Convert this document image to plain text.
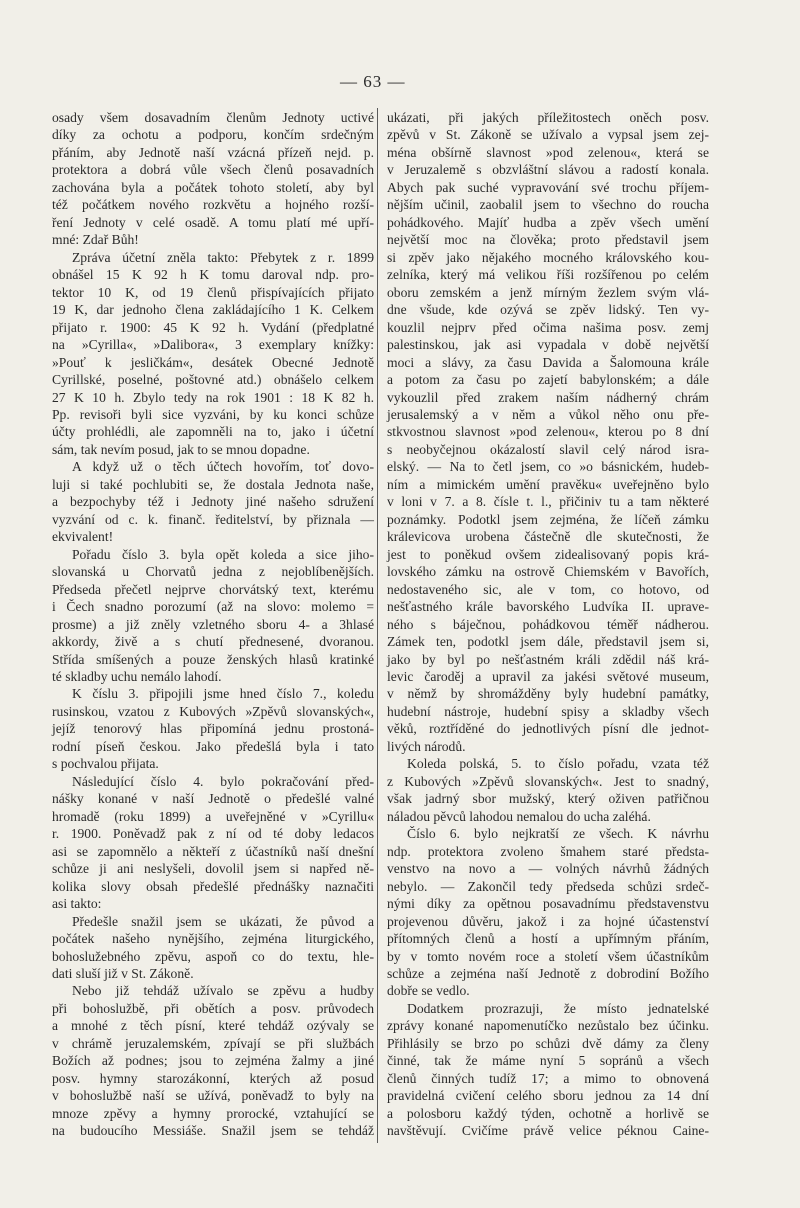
— 63 —
osady všem dosavadním členům Jednoty uctivé
díky za ochotu a podporu, končím srdečným
přáním, aby Jednotě naší vzácná přízeň nejd. p.
protektora a dobrá vůle všech členů posavadních
zachována byla a počátek tohoto století, aby byl
též počátkem nového rozkvětu a hojného rozší-
ření Jednoty v celé osadě. A tomu platí mé upří-
mné: Zdař Bůh!
Zpráva účetní zněla takto: Přebytek z r. 1899
obnášel 15 K 92 h K tomu daroval ndp. pro-
tektor 10 K, od 19 členů přispívajících přijato
19 K, dar jednoho člena zakládajícího 1 K. Celkem
přijato r. 1900: 45 K 92 h. Vydání (předplatné
na »Cyrilla«, »Dalibora«, 3 exemplary knížky:
»Pouť k jesličkám«, desátek Obecné Jednotě
Cyrillské, poselné, poštovné atd.) obnášelo celkem
27 K 10 h. Zbylo tedy na rok 1901 : 18 K 82 h.
Pp. revisoři byli sice vyzváni, by ku konci schůze
účty prohlédli, ale zapomněli na to, jako i účetní
sám, tak nevím posud, jak to se mnou dopadne.
A když už o těch účtech hovořím, toť dovo-
luji si také pochlubiti se, že dostala Jednota naše,
a bezpochyby též i Jednoty jiné našeho sdružení
vyzvání od c. k. finanč. ředitelství, by přiznala —
ekvivalent!
Pořadu číslo 3. byla opět koleda a sice jiho-
slovanská u Chorvatů jedna z nejoblíbenějších.
Předseda přečetl nejprve chorvátský text, kterému
i Čech snadno porozumí (až na slovo: molemo =
prosme) a již zněly vzletného sboru 4- a 3hlasé
akkordy, živě a s chutí přednesené, dvoranou.
Střída smíšených a pouze ženských hlasů kratinké
té skladby uchu nemálo lahodí.
K číslu 3. připojili jsme hned číslo 7., koledu
rusinskou, vzatou z Kubových »Zpěvů slovanských«,
jejíž tenorový hlas připomíná jednu prostoná-
rodní píseň českou. Jako předešlá byla i tato
s pochvalou přijata.
Následující číslo 4. bylo pokračování před-
nášky konané v naší Jednotě o předešlé valné
hromadě (roku 1899) a uveřejněné v »Cyrillu«
r. 1900. Poněvadž pak z ní od té doby ledacos
asi se zapomnělo a někteří z účastníků naší dnešní
schůze ji ani neslyšeli, dovolil jsem si napřed ně-
kolika slovy obsah předešlé přednášky naznačiti
asi takto:
Předešle snažil jsem se ukázati, že původ a
počátek našeho nynějšího, zejména liturgického,
bohoslužebného zpěvu, aspoň co do textu, hle-
dati sluší již v St. Zákoně.
Nebo již tehdáž užívalo se zpěvu a hudby
při bohoslužbě, při obětích a posv. průvodech
a mnohé z těch písní, které tehdáž ozývaly se
v chrámě jeruzalemském, zpívají se při službách
Božích až podnes; jsou to zejména žalmy a jiné
posv. hymny starozákonní, kterých až posud
v bohoslužbě naší se užívá, poněvadž to byly na
mnoze zpěvy a hymny prorocké, vztahující se
na budoucího Messiáše. Snažil jsem se tehdáž
ukázati, při jakých příležitostech oněch posv.
zpěvů v St. Zákoně se užívalo a vypsal jsem zej-
ména obšírně slavnost »pod zelenou«, která se
v Jeruzalemě s obzvláštní slávou a radostí konala.
Abych pak suché vypravování své trochu příjem-
nějším učinil, zaobalil jsem to všechno do roucha
pohádkového. Majíť hudba a zpěv všech umění
největší moc na člověka; proto představil jsem
si zpěv jako nějakého mocného královského kou-
zelníka, který má velikou říši rozšířenou po celém
oboru zemském a jenž mírným žezlem svým vlá-
dne všude, kde ozývá se zpěv lidský. Ten vy-
kouzlil nejprv před očima našima posv. zemj
palestinskou, jak asi vypadala v době největší
moci a slávy, za času Davida a Šalomouna krále
a potom za času po zajetí babylonském; a dále
vykouzlil před zrakem naším nádherný chrám
jerusalemský a v něm a vůkol něho onu pře-
stkvostnou slavnost »pod zelenou«, kterou po 8 dní
s neobyčejnou okázalostí slavil celý národ isra-
elský. — Na to četl jsem, co »o básnickém, hudeb-
ním a mimickém umění pravěku« uveřejněno bylo
v loni v 7. a 8. čísle t. l., přičiniv tu a tam některé
poznámky. Podotkl jsem zejména, že líčeň zámku
králevicova urobena částečně dle skutečnosti, že
jest to poněkud ovšem zidealisovaný popis krá-
lovského zámku na ostrově Chiemském v Bavořích,
nedostaveného sic, ale v tom, co hotovo, od
nešťastného krále bavorského Ludvíka II. uprave-
ného s báječnou, pohádkovou téměř nádherou.
Zámek ten, podotkl jsem dále, představil jsem si,
jako by byl po nešťastném králi zdědil náš krá-
levic čaroděj a upravil za jakési světové museum,
v němž by shromážděny byly hudební památky,
hudební nástroje, hudební spisy a skladby všech
věků, roztříděné do jednotlivých písní dle jednot-
livých národů.
Koleda polská, 5. to číslo pořadu, vzata též
z Kubových »Zpěvů slovanských«. Jest to snadný,
však jadrný sbor mužský, který oživen patřičnou
náladou pěvců lahodou nemalou do ucha zaléhá.
Číslo 6. bylo nejkratší ze všech. K návrhu
ndp. protektora zvoleno šmahem staré předsta-
venstvo na novo a — volných návrhů žádných
nebylo. — Zakončil tedy předseda schůzi srdeč-
nými díky za opětnou posavadnímu představenstvu
projevenou důvěru, jakož i za hojné účastenství
přítomných členů a hostí a upřímným přáním,
by v tomto novém roce a století všem účastníkům
schůze a zejména naší Jednotě z dobrodiní Božího
dobře se vedlo.
Dodatkem prozrazuji, že místo jednatelské
zprávy konané napomenutíčko nezůstalo bez účinku.
Přihlásily se brzo po schůzi dvě dámy za členy
činné, tak že máme nyní 5 sopránů a všech
členů činných tudíž 17; a mimo to obnovená
pravidelná cvičení celého sboru jednou za 14 dní
a polosboru každý týden, ochotně a horlivě se
navštěvují. Cvičíme právě velice péknou Caine-
